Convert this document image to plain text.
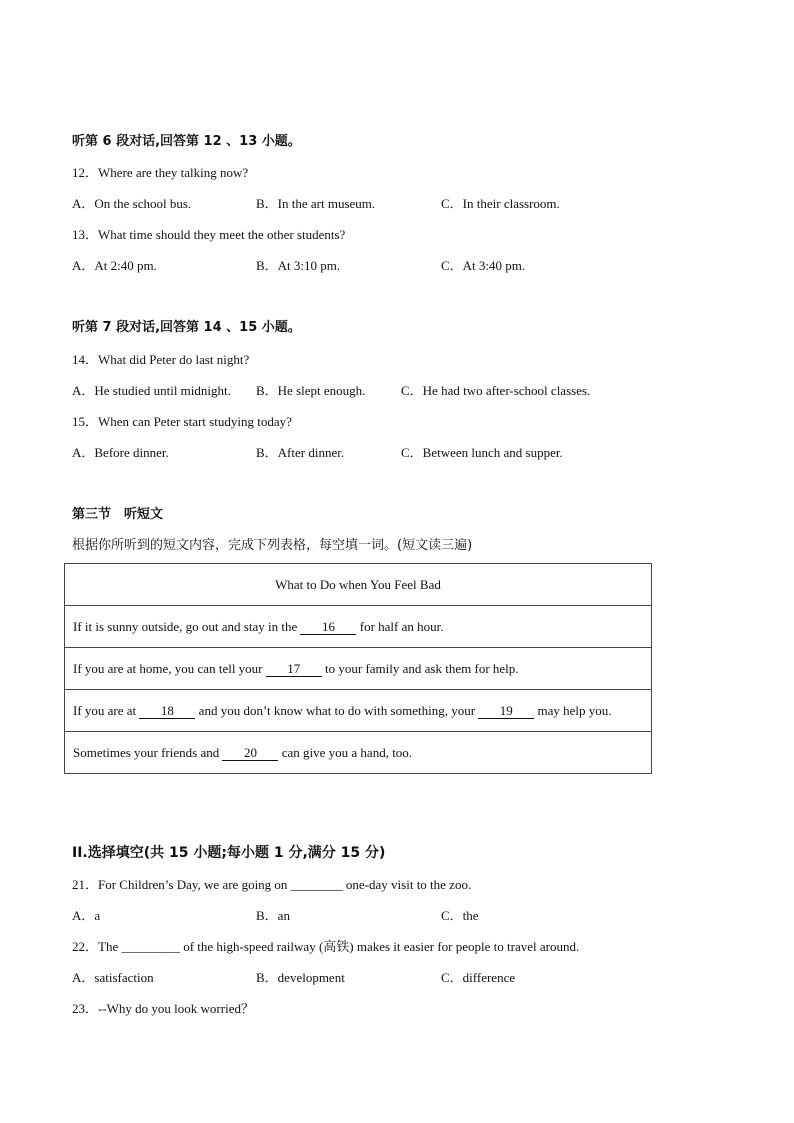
听第 6 段对话,回答第 12 、13 小题。
12．Where are they talking now?
A．On the school bus.	B．In the art museum.	C．In their classroom.
13．What time should they meet the other students?
A．At 2:40 pm.	B．At 3:10 pm.	C．At 3:40 pm.
听第 7 段对话,回答第 14 、15 小题。
14．What did Peter do last night?
A．He studied until midnight. B．He slept enough.	C．He had two after-school classes.
15．When can Peter start studying today?
A．Before dinner.	B．After dinner.	C．Between lunch and supper.
第三节　听短文
根据你所听到的短文内容，完成下列表格，每空填一词。(短文读三遍)
What to Do when You Feel Bad
If it is sunny outside, go out and stay in the 16 for half an hour.
If you are at home, you can tell your 17 to your family and ask them for help.
If you are at 18 and you don’t know what to do with something, your 19 may help you.
Sometimes your friends and 20 can give you a hand, too.
II.选择填空(共 15 小题;每小题 1 分,满分 15 分)
21．For Children’s Day, we are going on ________ one-day visit to the zoo.
A．a	B．an	C．the
22．The _________ of the high-speed railway (高铁) makes it easier for people to travel around.
A．satisfaction	B．development	C．difference
23．--Why do you look worried？
